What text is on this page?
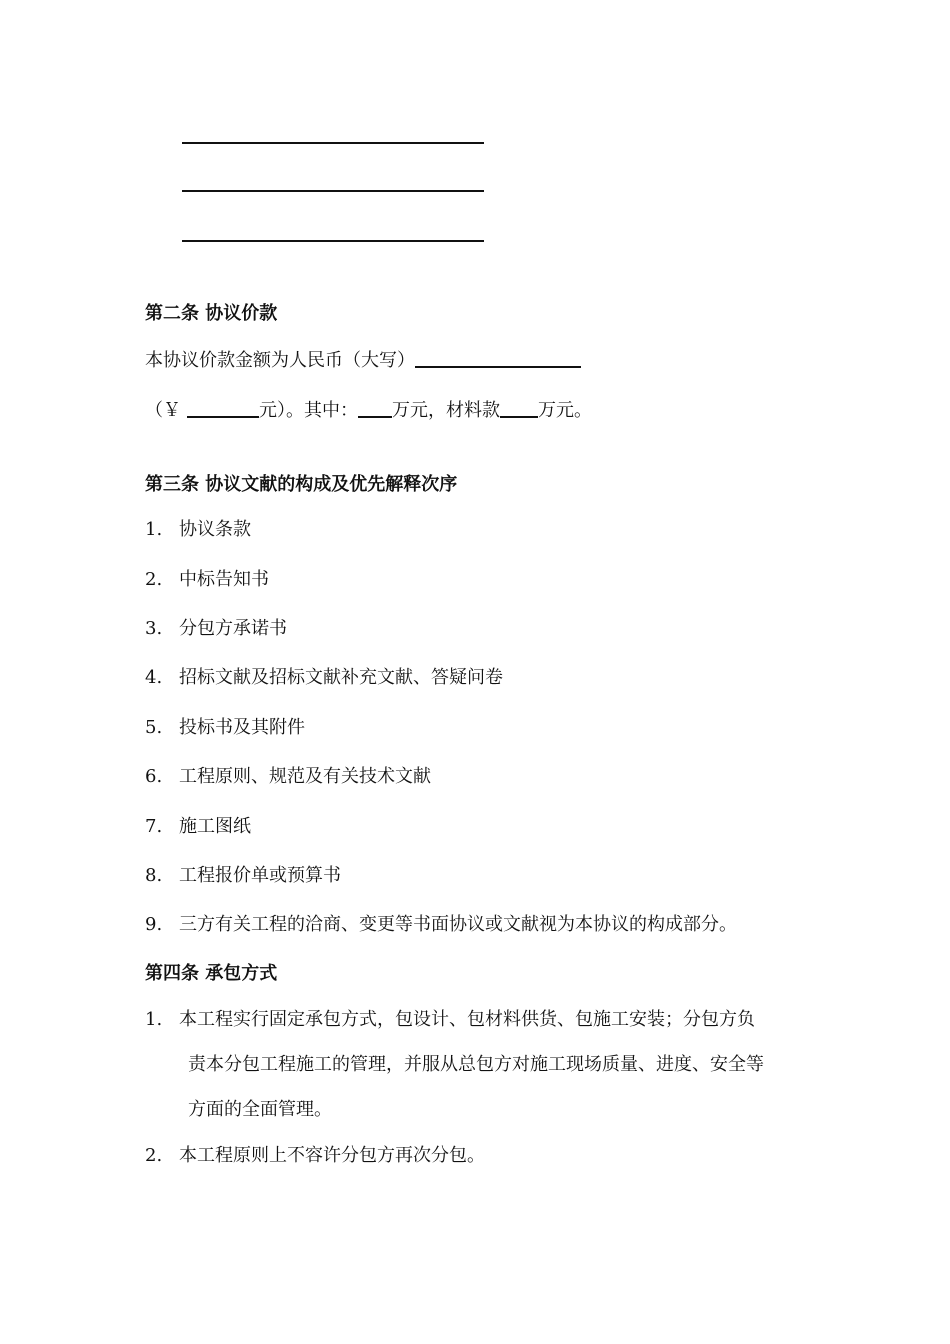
第二条 协议价款
本协议价款金额为人民币（大写）
（￥	元）。其中： 万元，材料款 万元。
第三条 协议文献的构成及优先解释次序
1. 协议条款
2. 中标告知书
3. 分包方承诺书
4. 招标文献及招标文献补充文献、答疑问卷
5. 投标书及其附件
6. 工程原则、规范及有关技术文献
7. 施工图纸
8. 工程报价单或预算书
9. 三方有关工程的洽商、变更等书面协议或文献视为本协议的构成部分。
第四条 承包方式
1. 本工程实行固定承包方式，包设计、包材料供货、包施工安装；分包方负
责本分包工程施工的管理，并服从总包方对施工现场质量、进度、安全等
方面的全面管理。
2. 本工程原则上不容许分包方再次分包。
